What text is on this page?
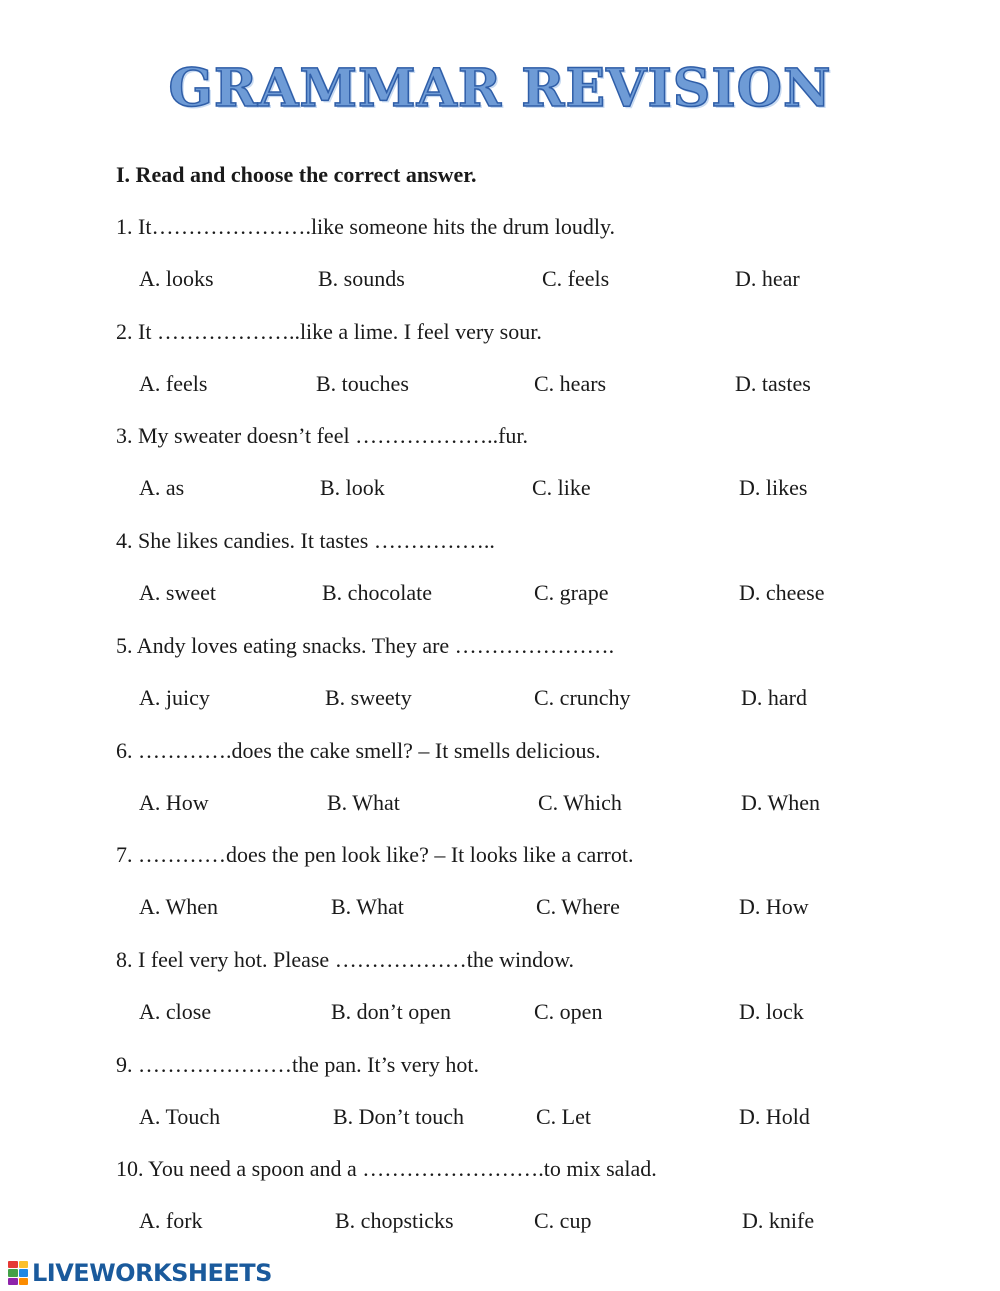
GRAMMAR REVISION
I. Read and choose the correct answer.
1. It………………….like someone hits the drum loudly.
A. looks	B. sounds	C. feels	D. hear
2. It ………………..like a lime. I feel very sour.
A. feels	B. touches	C. hears	D. tastes
3. My sweater doesn’t feel ………………..fur.
A. as	B. look	C. like	D. likes
4. She likes candies. It tastes ……………..
A. sweet	B. chocolate	C. grape	D. cheese
5. Andy loves eating snacks. They are ………………….
A. juicy	B. sweety	C. crunchy	D. hard
6. ………….does the cake smell? – It smells delicious.
A. How	B. What	C. Which	D. When
7. …………does the pen look like? – It looks like a carrot.
A. When	B. What	C. Where	D. How
8. I feel very hot. Please ………………the window.
A. close	B. don’t open	C. open	D. lock
9. …………………the pan. It’s very hot.
A. Touch	B. Don’t touch	C. Let	D. Hold
10. You need a spoon and a …………………….to mix salad.
A. fork	B. chopsticks	C. cup	D. knife
LIVEWORKSHEETS
